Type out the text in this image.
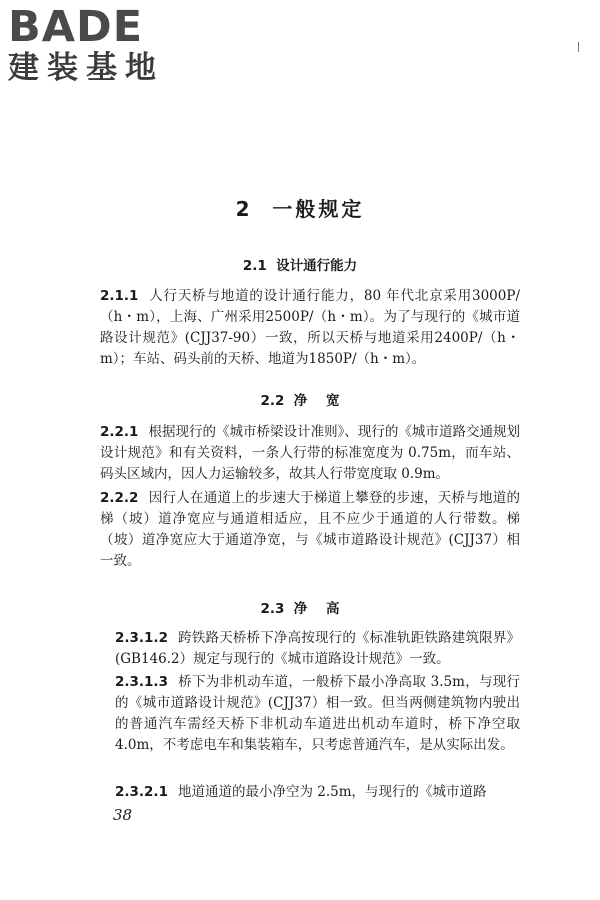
BADE
建装基地
2  一般规定
2.1  设计通行能力
2.1.1 人行天桥与地道的设计通行能力，80 年代北京采用3000P/（h・m），上海、广州采用2500P/（h・m）。为了与现行的《城市道路设计规范》(CJJ37-90）一致，所以天桥与地道采用2400P/（h・m）；车站、码头前的天桥、地道为1850P/（h・m）。
2.2  净    宽
2.2.1 根据现行的《城市桥梁设计准则》、现行的《城市道路交通规划设计规范》和有关资料，一条人行带的标准宽度为 0.75m，而车站、码头区域内，因人力运输较多，故其人行带宽度取 0.9m。
2.2.2 因行人在通道上的步速大于梯道上攀登的步速，天桥与地道的梯（坡）道净宽应与通道相适应，且不应少于通道的人行带数。梯（坡）道净宽应大于通道净宽，与《城市道路设计规范》(CJJ37）相一致。
2.3  净    高
2.3.1.2 跨铁路天桥桥下净高按现行的《标准轨距铁路建筑限界》(GB146.2）规定与现行的《城市道路设计规范》一致。
2.3.1.3 桥下为非机动车道，一般桥下最小净高取 3.5m，与现行的《城市道路设计规范》(CJJ37）相一致。但当两侧建筑物内驶出的普通汽车需经天桥下非机动车道进出机动车道时，桥下净空取 4.0m，不考虑电车和集装箱车，只考虑普通汽车，是从实际出发。
2.3.2.1 地道通道的最小净空为 2.5m，与现行的《城市道路
38
